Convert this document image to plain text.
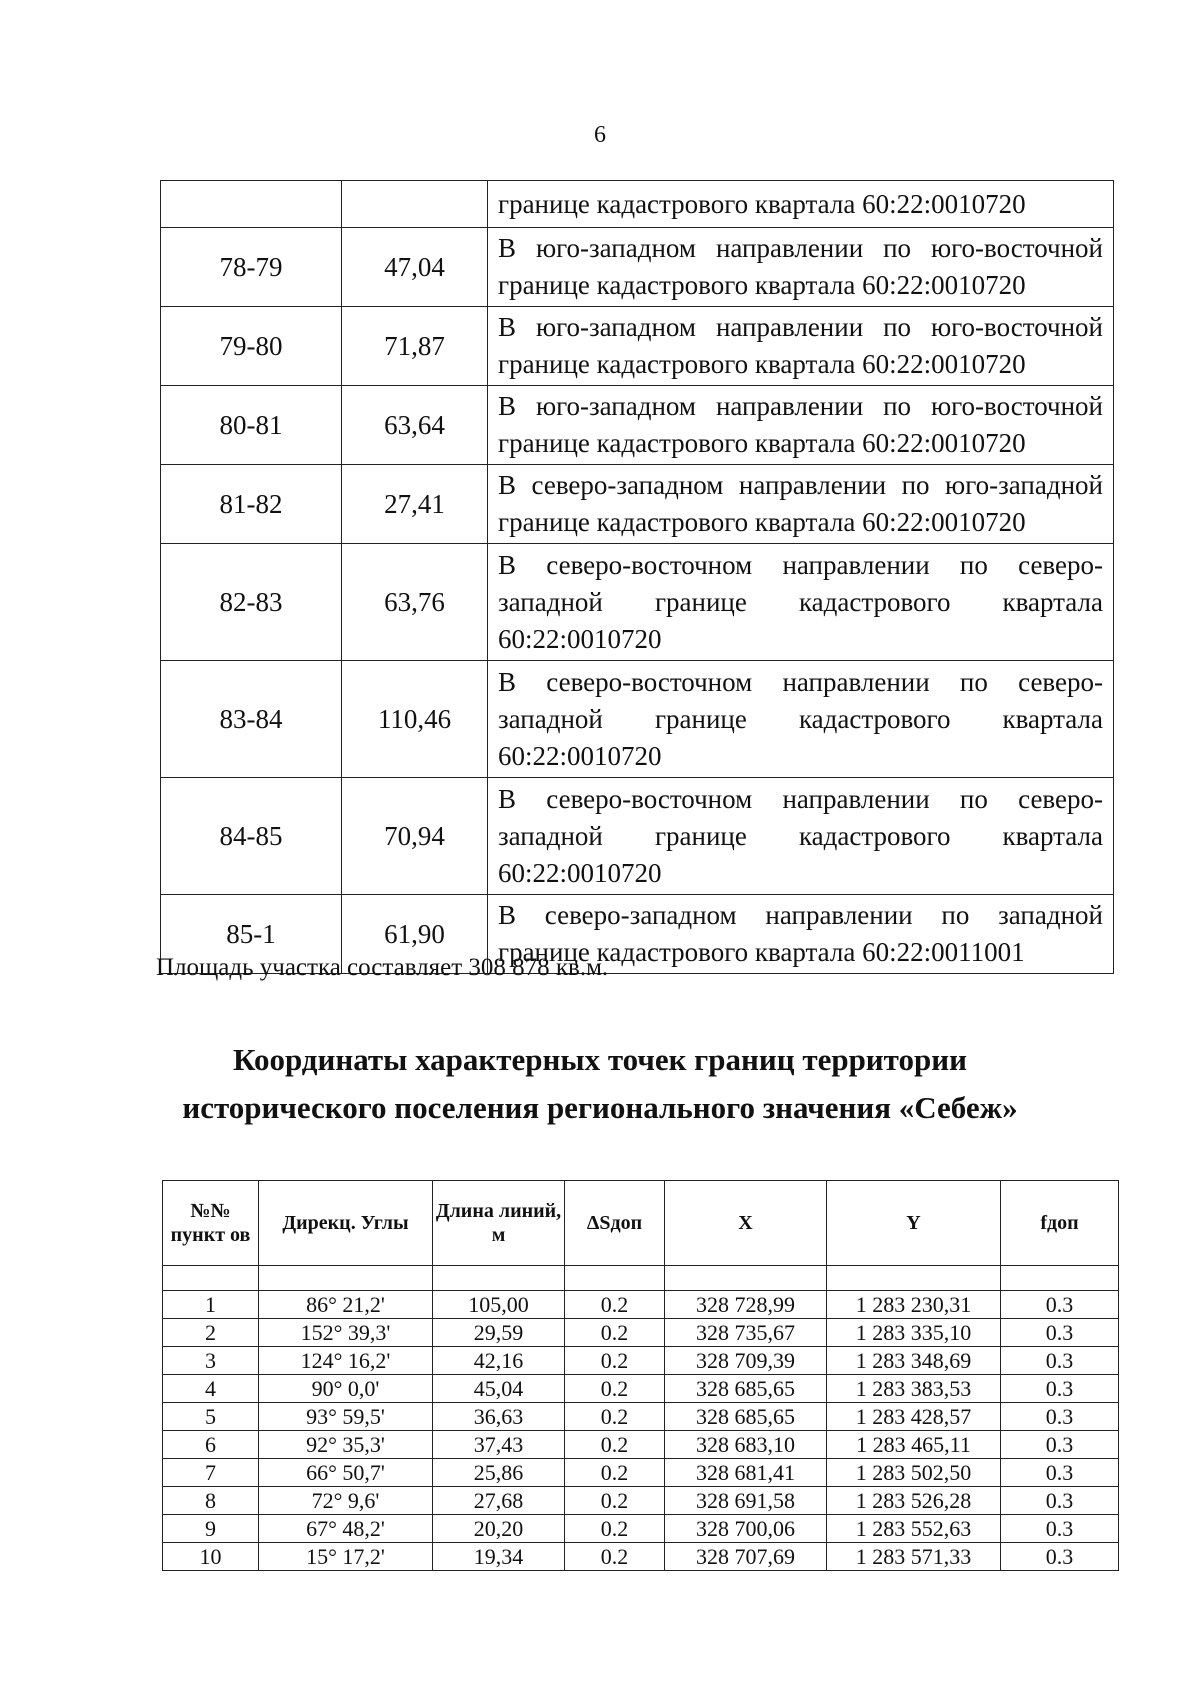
6
		границе кадастрового квартала 60:22:0010720
78-79	47,04	В юго-западном направлении по юго-восточной границе кадастрового квартала 60:22:0010720
79-80	71,87	В юго-западном направлении по юго-восточной границе кадастрового квартала 60:22:0010720
80-81	63,64	В юго-западном направлении по юго-восточной границе кадастрового квартала 60:22:0010720
81-82	27,41	В северо-западном направлении по юго-западной границе кадастрового квартала 60:22:0010720
82-83	63,76	В северо-восточном направлении по северо-западной границе кадастрового квартала 60:22:0010720
83-84	110,46	В северо-восточном направлении по северо-западной границе кадастрового квартала 60:22:0010720
84-85	70,94	В северо-восточном направлении по северо-западной границе кадастрового квартала 60:22:0010720
85-1	61,90	В северо-западном направлении по западной границе кадастрового квартала 60:22:0011001
Площадь участка составляет 308 878 кв.м.
Координаты характерных точек границ территории
исторического поселения регионального значения «Себеж»
№№ пункт ов	Дирекц. Углы	Длина линий, м	ΔSдоп	X	Y	fдоп

1	86° 21,2'	105,00	0.2	328 728,99	1 283 230,31	0.3
2	152° 39,3'	29,59	0.2	328 735,67	1 283 335,10	0.3
3	124° 16,2'	42,16	0.2	328 709,39	1 283 348,69	0.3
4	90° 0,0'	45,04	0.2	328 685,65	1 283 383,53	0.3
5	93° 59,5'	36,63	0.2	328 685,65	1 283 428,57	0.3
6	92° 35,3'	37,43	0.2	328 683,10	1 283 465,11	0.3
7	66° 50,7'	25,86	0.2	328 681,41	1 283 502,50	0.3
8	72° 9,6'	27,68	0.2	328 691,58	1 283 526,28	0.3
9	67° 48,2'	20,20	0.2	328 700,06	1 283 552,63	0.3
10	15° 17,2'	19,34	0.2	328 707,69	1 283 571,33	0.3
